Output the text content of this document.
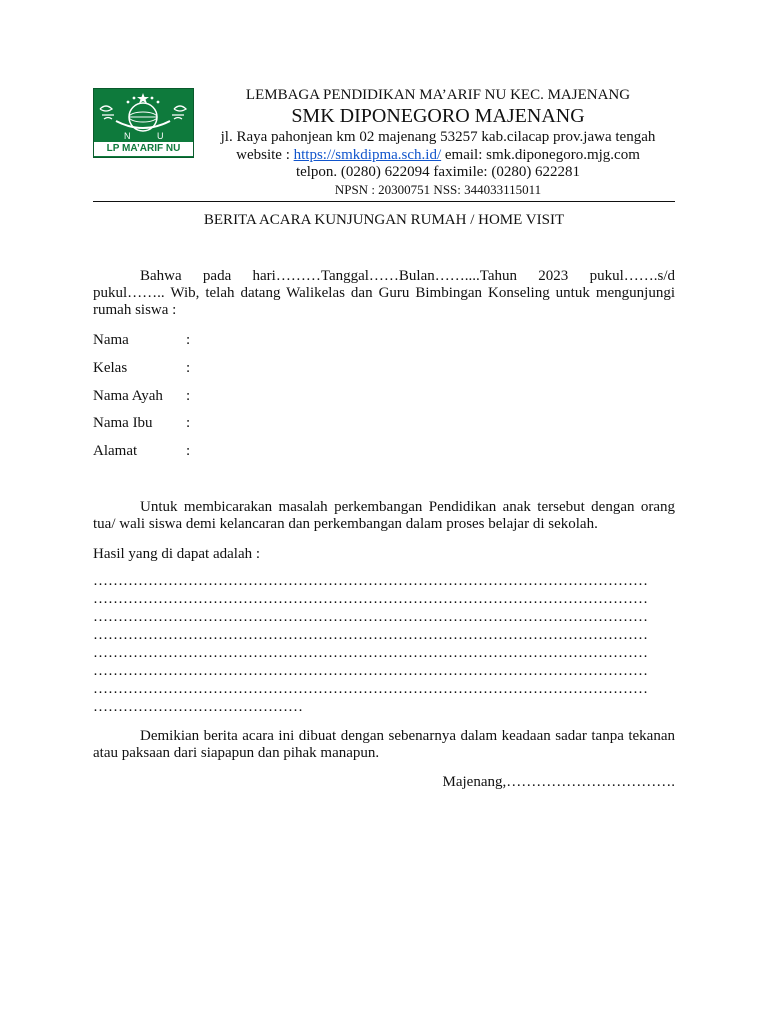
N	U
LP MA’ARIF NU
LEMBAGA PENDIDIKAN MA’ARIF NU KEC. MAJENANG
SMK DIPONEGORO MAJENANG
jl. Raya pahonjean km 02 majenang 53257 kab.cilacap prov.jawa tengah
website : https://smkdipma.sch.id/ email: smk.diponegoro.mjg.com
telpon. (0280) 622094 faximile: (0280) 622281
NPSN : 20300751 NSS: 344033115011
BERITA ACARA KUNJUNGAN RUMAH / HOME VISIT
Bahwa pada hari………Tanggal……Bulan……....Tahun 2023 pukul…….s/d pukul…….. Wib, telah datang Walikelas dan Guru Bimbingan Konseling untuk mengunjungi rumah siswa :
Nama	:
Kelas	:
Nama Ayah :
Nama Ibu :
Alamat	:
Untuk membicarakan masalah perkembangan Pendidikan anak tersebut dengan orang tua/ wali siswa demi kelancaran dan perkembangan dalam proses belajar di sekolah.
Hasil yang di dapat adalah :
…………………………………………………………………………………………………
…………………………………………………………………………………………………
…………………………………………………………………………………………………
…………………………………………………………………………………………………
…………………………………………………………………………………………………
…………………………………………………………………………………………………
…………………………………………………………………………………………………
……………………………………
Demikian berita acara ini dibuat dengan sebenarnya dalam keadaan sadar tanpa tekanan atau paksaan dari siapapun dan pihak manapun.
Majenang,…………………………….
